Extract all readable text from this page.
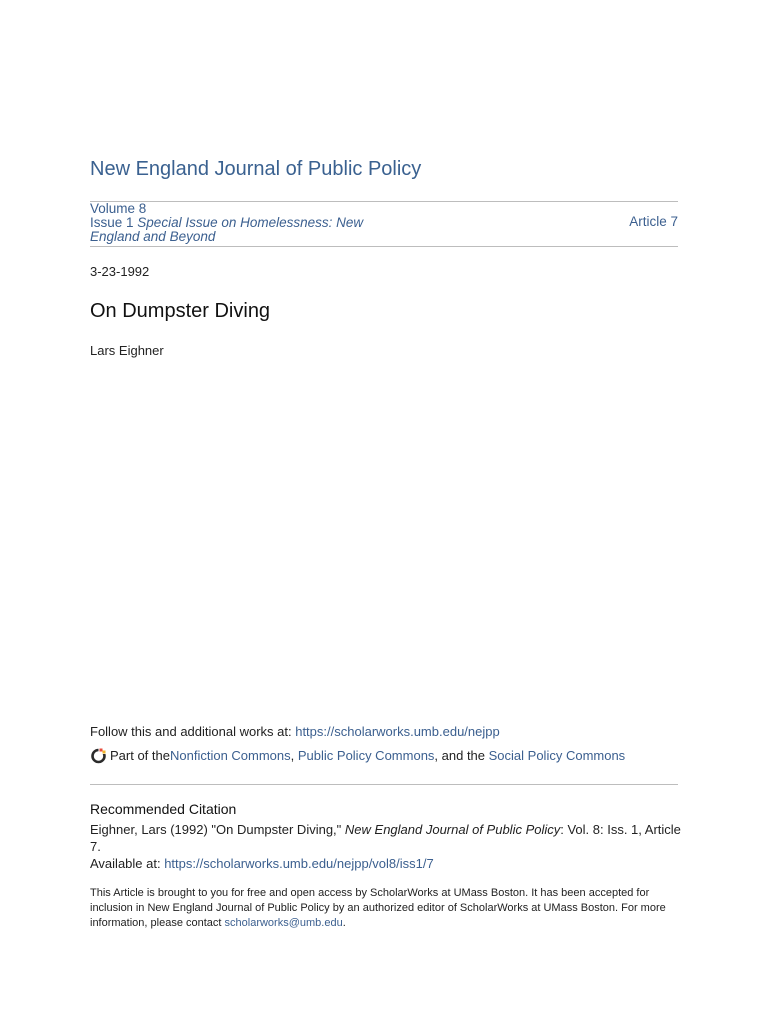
New England Journal of Public Policy
Volume 8
Issue 1 Special Issue on Homelessness: New England and Beyond
Article 7
3-23-1992
On Dumpster Diving
Lars Eighner
Follow this and additional works at: https://scholarworks.umb.edu/nejpp
Part of the Nonfiction Commons , Public Policy Commons , and the Social Policy Commons
Recommended Citation
Eighner, Lars (1992) "On Dumpster Diving," New England Journal of Public Policy: Vol. 8: Iss. 1, Article 7.
Available at: https://scholarworks.umb.edu/nejpp/vol8/iss1/7
This Article is brought to you for free and open access by ScholarWorks at UMass Boston. It has been accepted for inclusion in New England Journal of Public Policy by an authorized editor of ScholarWorks at UMass Boston. For more information, please contact scholarworks@umb.edu.
